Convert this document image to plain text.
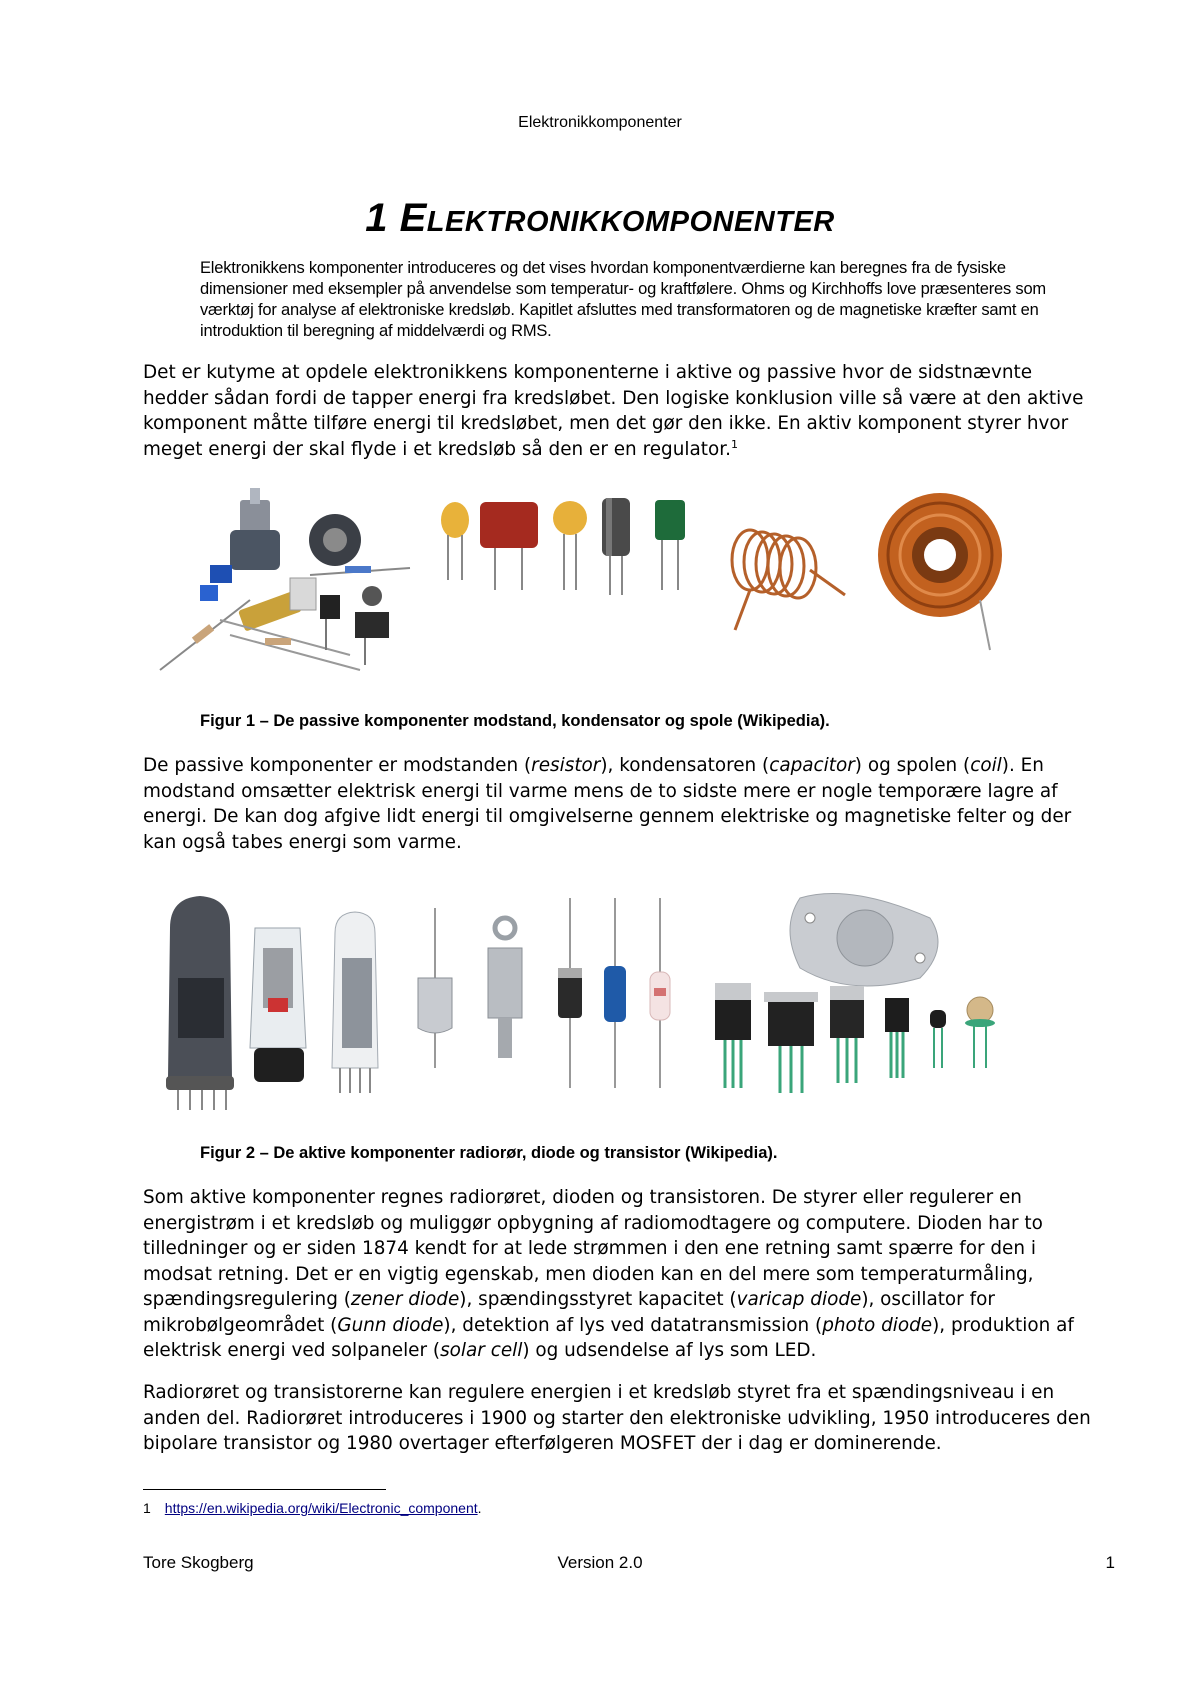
Elektronikkomponenter
1 ELEKTRONIKKOMPONENTER
Elektronikkens komponenter introduceres og det vises hvordan komponentværdierne kan beregnes fra de fysiske dimensioner med eksempler på anvendelse som temperatur- og kraftfølere. Ohms og Kirchhoffs love præsenteres som værktøj for analyse af elektroniske kredsløb. Kapitlet afsluttes med transformatoren og de magnetiske kræfter samt en introduktion til beregning af middelværdi og RMS.
Det er kutyme at opdele elektronikkens komponenterne i aktive og passive hvor de sidstnævnte hedder sådan fordi de tapper energi fra kredsløbet. Den logiske konklusion ville så være at den aktive komponent måtte tilføre energi til kredsløbet, men det gør den ikke. En aktiv komponent styrer hvor meget energi der skal flyde i et kredsløb så den er en regulator.$^1$
Figur 1 – De passive komponenter modstand, kondensator og spole (Wikipedia).
De passive komponenter er modstanden (resistor), kondensatoren (capacitor) og spolen (coil). En modstand omsætter elektrisk energi til varme mens de to sidste mere er nogle temporære lagre af energi. De kan dog afgive lidt energi til omgivelserne gennem elektriske og magnetiske felter og der kan også tabes energi som varme.
Figur 2 – De aktive komponenter radiorør, diode og transistor (Wikipedia).
Som aktive komponenter regnes radiorøret, dioden og transistoren. De styrer eller regulerer en energistrøm i et kredsløb og muliggør opbygning af radiomodtagere og computere. Dioden har to tilledninger og er siden 1874 kendt for at lede strømmen i den ene retning samt spærre for den i modsat retning. Det er en vigtig egenskab, men dioden kan en del mere som temperaturmåling, spændingsregulering (zener diode), spændingsstyret kapacitet (varicap diode), oscillator for mikrobølgeområdet (Gunn diode), detektion af lys ved datatransmission (photo diode), produktion af elektrisk energi ved solpaneler (solar cell) og udsendelse af lys som LED.
Radiorøret og transistorerne kan regulere energien i et kredsløb styret fra et spændingsniveau i en anden del. Radiorøret introduceres i 1900 og starter den elektroniske udvikling, 1950 introduceres den bipolare transistor og 1980 overtager efterfølgeren MOSFET der i dag er dominerende.
1 https://en.wikipedia.org/wiki/Electronic_component.
Tore Skogberg	Version 2.0	1
